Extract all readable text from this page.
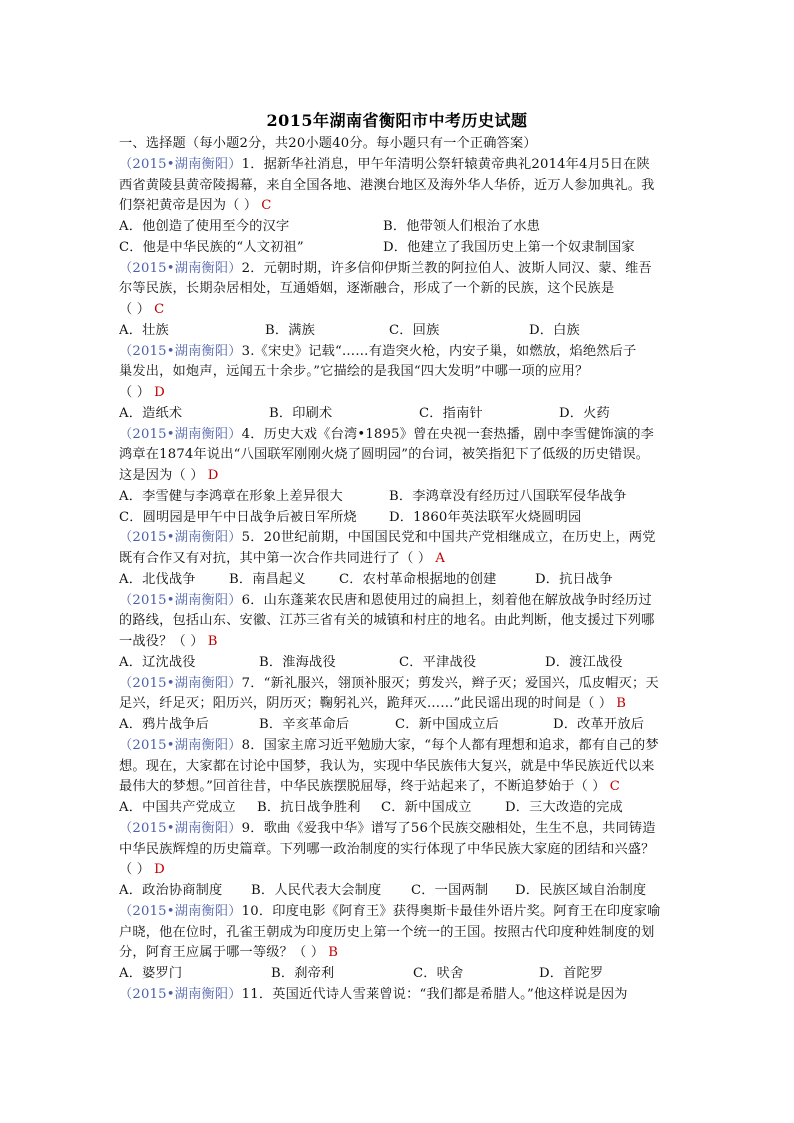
2015年湖南省衡阳市中考历史试题
一、选择题（每小题2分，共20小题40分。每小题只有一个正确答案）
（2015•湖南衡阳）1．据新华社消息，甲午年清明公祭轩辕黄帝典礼2014年4月5日在陕
西省黄陵县黄帝陵揭幕，来自全国各地、港澳台地区及海外华人华侨，近万人参加典礼。我
们祭祀黄帝是因为（ ） C
A．他创造了使用至今的汉字	B．他带领人们根治了水患
C．他是中华民族的“人文初祖”	D．他建立了我国历史上第一个奴隶制国家
（2015•湖南衡阳）2．元朝时期，许多信仰伊斯兰教的阿拉伯人、波斯人同汉、蒙、维吾
尔等民族，长期杂居相处，互通婚姻，逐渐融合，形成了一个新的民族，这个民族是
（ ） C
A．壮族	B．满族	C．回族	D．白族
（2015•湖南衡阳）3.《宋史》记载“……有造突火枪，内安子巢，如燃放，焰绝然后子
巢发出，如炮声，远闻五十余步。”它描绘的是我国“四大发明”中哪一项的应用？
（ ） D
A．造纸术	B．印刷术	C．指南针	D．火药
（2015•湖南衡阳）4．历史大戏《台湾•1895》曾在央视一套热播，剧中李雪健饰演的李
鸿章在1874年说出“八国联军刚刚火烧了圆明园”的台词，被笑指犯下了低级的历史错误。
这是因为（ ） D
A．李雪健与李鸿章在形象上差异很大	B．李鸿章没有经历过八国联军侵华战争
C．圆明园是甲午中日战争后被日军所烧	D．1860年英法联军火烧圆明园
（2015•湖南衡阳）5．20世纪前期，中国国民党和中国共产党相继成立，在历史上，两党
既有合作又有对抗，其中第一次合作共同进行了（ ） A
A．北伐战争	B．南昌起义	C．农村革命根据地的创建	D．抗日战争
（2015•湖南衡阳）6．山东蓬莱农民唐和恩使用过的扁担上，刻着他在解放战争时经历过
的路线，包括山东、安徽、江苏三省有关的城镇和村庄的地名。由此判断，他支援过下列哪
一战役？（ ） B
A．辽沈战役	B．淮海战役	C．平津战役	D．渡江战役
（2015•湖南衡阳）7．“新礼服兴，翎顶补服灭；剪发兴，辫子灭；爱国兴，瓜皮帽灭；天
足兴，纤足灭；阳历兴，阴历灭；鞠躬礼兴，跪拜灭……”此民谣出现的时间是（ ） B
A．鸦片战争后	B．辛亥革命后	C．新中国成立后	D．改革开放后
（2015•湖南衡阳）8．国家主席习近平勉励大家，“每个人都有理想和追求，都有自己的梦
想。现在，大家都在讨论中国梦，我认为，实现中华民族伟大复兴，就是中华民族近代以来
最伟大的梦想。”回首往昔，中华民族摆脱屈辱，终于站起来了，不断追梦始于（ ） C
A．中国共产党成立	B．抗日战争胜利	C．新中国成立	D．三大改造的完成
（2015•湖南衡阳）9．歌曲《爱我中华》谱写了56个民族交融相处，生生不息，共同铸造
中华民族辉煌的历史篇章。下列哪一政治制度的实行体现了中华民族大家庭的团结和兴盛？
（ ） D
A．政治协商制度	B．人民代表大会制度	C．一国两制	D．民族区域自治制度
（2015•湖南衡阳）10．印度电影《阿育王》获得奥斯卡最佳外语片奖。阿育王在印度家喻
户晓，他在位时，孔雀王朝成为印度历史上第一个统一的王国。按照古代印度种姓制度的划
分，阿育王应属于哪一等级？（ ） B
A．婆罗门	B．刹帝利	C．吠舍	D．首陀罗
（2015•湖南衡阳）11．英国近代诗人雪莱曾说：“我们都是希腊人。”他这样说是因为
